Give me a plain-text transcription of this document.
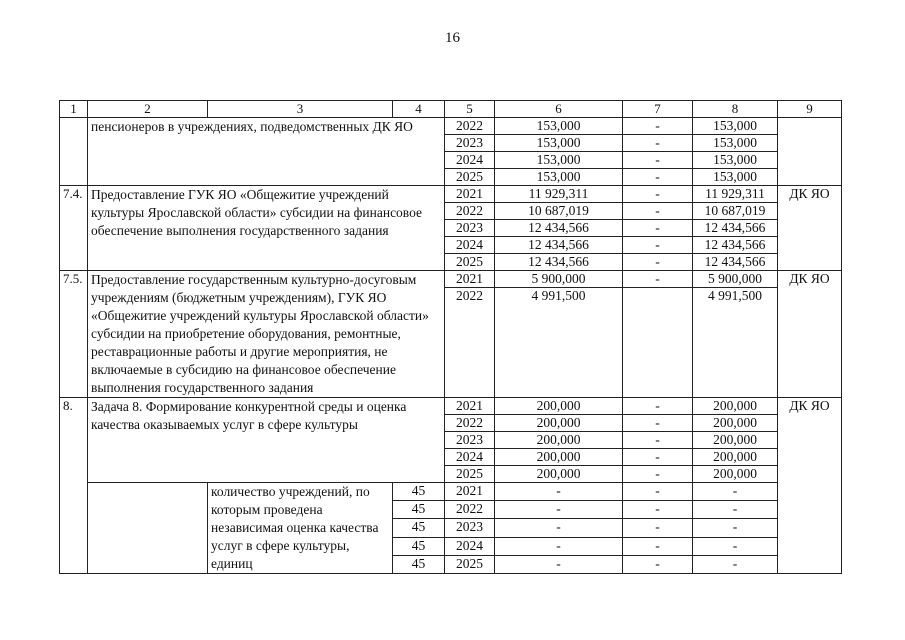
16
1	2	3	4	5	6	7	8	9
	пенсионеров в учреждениях, подведомственных ДК ЯО			2022	153,000	-	153,000	
				2023	153,000	-	153,000	
				2024	153,000	-	153,000	
				2025	153,000	-	153,000	
7.4.	Предоставление ГУК ЯО «Общежитие учреждений культуры Ярославской области» субсидии на финансовое обеспечение выполнения государственного задания			2021	11 929,311	-	11 929,311	ДК ЯО
				2022	10 687,019	-	10 687,019	
				2023	12 434,566	-	12 434,566	
				2024	12 434,566	-	12 434,566	
				2025	12 434,566	-	12 434,566	
7.5.	Предоставление государственным культурно-досуговым учреждениям (бюджетным учреждениям), ГУК ЯО «Общежитие учреждений культуры Ярославской области» субсидии на приобретение оборудования, ремонтные, реставрационные работы и другие мероприятия, не включаемые в субсидию на финансовое обеспечение выполнения государственного задания			2021	5 900,000	-	5 900,000	ДК ЯО
				2022	4 991,500		4 991,500	
8.	Задача 8. Формирование конкурентной среды и оценка качества оказываемых услуг в сфере культуры			2021	200,000	-	200,000	ДК ЯО
				2022	200,000	-	200,000	
				2023	200,000	-	200,000	
				2024	200,000	-	200,000	
				2025	200,000	-	200,000	
		количество учреждений, по которым проведена независимая оценка качества услуг в сфере культуры, единиц	45	2021	-	-	-	
			45	2022	-	-	-	
			45	2023	-	-	-	
			45	2024	-	-	-	
			45	2025	-	-	-	
